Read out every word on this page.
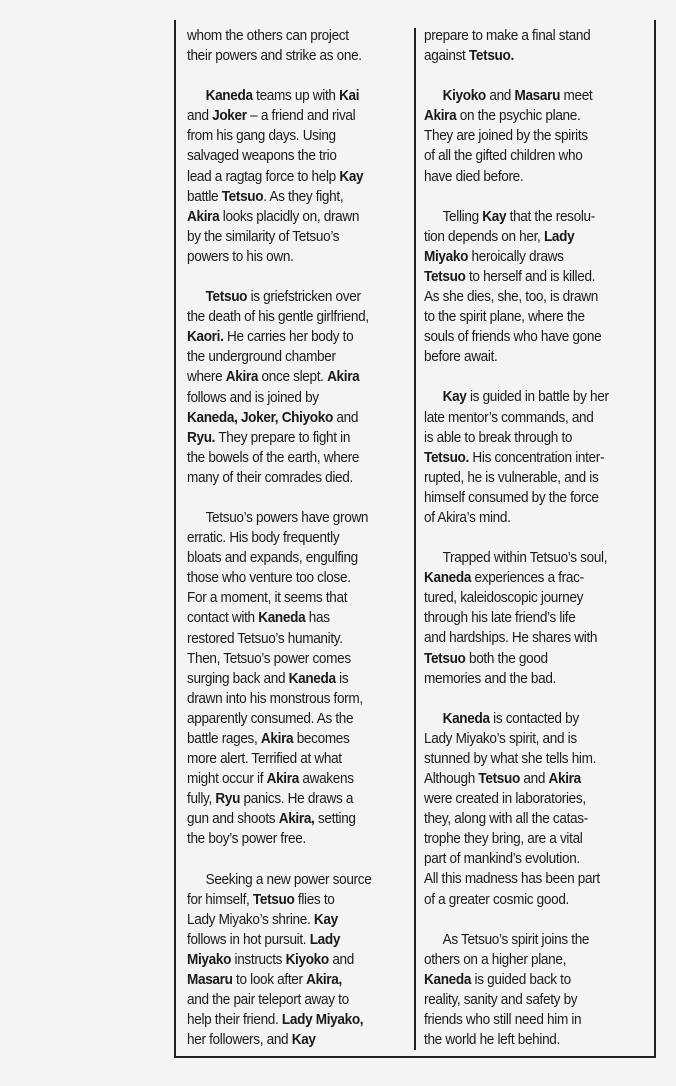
whom the others can project
their powers and strike as one.

Kaneda teams up with Kai
and Joker – a friend and rival
from his gang days. Using
salvaged weapons the trio
lead a ragtag force to help Kay
battle Tetsuo. As they fight,
Akira looks placidly on, drawn
by the similarity of Tetsuo’s
powers to his own.

Tetsuo is griefstricken over
the death of his gentle girlfriend,
Kaori. He carries her body to
the underground chamber
where Akira once slept. Akira
follows and is joined by
Kaneda, Joker, Chiyoko and
Ryu. They prepare to fight in
the bowels of the earth, where
many of their comrades died.

Tetsuo’s powers have grown
erratic. His body frequently
bloats and expands, engulfing
those who venture too close.
For a moment, it seems that
contact with Kaneda has
restored Tetsuo’s humanity.
Then, Tetsuo’s power comes
surging back and Kaneda is
drawn into his monstrous form,
apparently consumed. As the
battle rages, Akira becomes
more alert. Terrified at what
might occur if Akira awakens
fully, Ryu panics. He draws a
gun and shoots Akira, setting
the boy’s power free.

Seeking a new power source
for himself, Tetsuo flies to
Lady Miyako’s shrine. Kay
follows in hot pursuit. Lady
Miyako instructs Kiyoko and
Masaru to look after Akira,
and the pair teleport away to
help their friend. Lady Miyako,
her followers, and Kay

prepare to make a final stand
against Tetsuo.

Kiyoko and Masaru meet
Akira on the psychic plane.
They are joined by the spirits
of all the gifted children who
have died before.

Telling Kay that the resolu-
tion depends on her, Lady
Miyako heroically draws
Tetsuo to herself and is killed.
As she dies, she, too, is drawn
to the spirit plane, where the
souls of friends who have gone
before await.

Kay is guided in battle by her
late mentor’s commands, and
is able to break through to
Tetsuo. His concentration inter-
rupted, he is vulnerable, and is
himself consumed by the force
of Akira’s mind.

Trapped within Tetsuo’s soul,
Kaneda experiences a frac-
tured, kaleidoscopic journey
through his late friend’s life
and hardships. He shares with
Tetsuo both the good
memories and the bad.

Kaneda is contacted by
Lady Miyako’s spirit, and is
stunned by what she tells him.
Although Tetsuo and Akira
were created in laboratories,
they, along with all the catas-
trophe they bring, are a vital
part of mankind’s evolution.
All this madness has been part
of a greater cosmic good.

As Tetsuo’s spirit joins the
others on a higher plane,
Kaneda is guided back to
reality, sanity and safety by
friends who still need him in
the world he left behind.
